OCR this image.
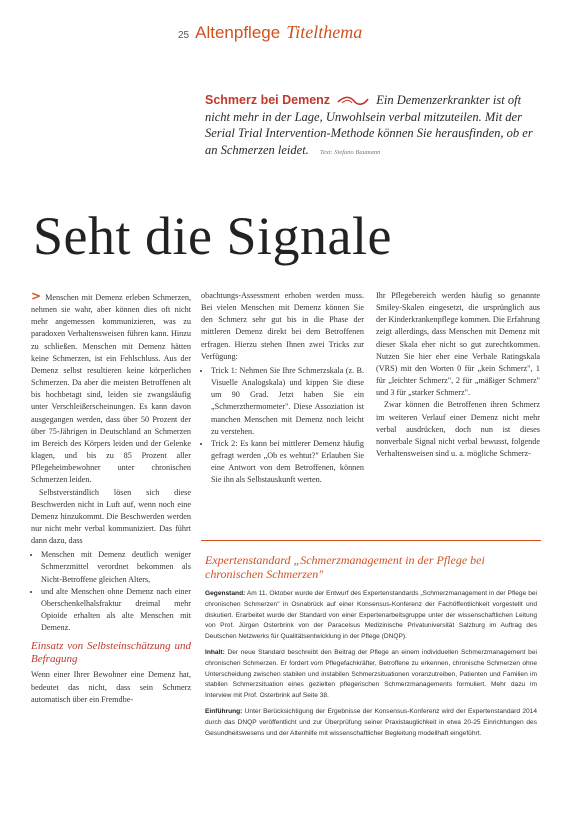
25 Altenpflege Titelthema
Schmerz bei Demenz	Ein Demenzerkrankter ist oft nicht mehr in der Lage, Unwohlsein verbal mitzuteilen. Mit der Serial Trial Intervention-Methode können Sie herausfinden, ob er an Schmerzen leidet. Text: Stefano Baumann
Seht die Signale

> Menschen mit Demenz erleben Schmerzen, nehmen sie wahr, aber können dies oft nicht mehr angemessen kommunizieren, was zu paradoxen Verhaltensweisen führen kann. Hinzu zu schließen. Menschen mit Demenz hätten keine Schmerzen, ist ein Fehlschluss. Aus der Demenz selbst resultieren keine körperlichen Schmerzen. Da aber die meisten Betroffenen alt bis hochbetagt sind, leiden sie zwangsläufig unter Verschleißerscheinungen. Es kann davon ausgegangen werden, dass über 50 Prozent der über 75-Jährigen in Deutschland an Schmerzen im Bereich des Körpers leiden und der Gelenke klagen, und bis zu 85 Prozent aller Pflegeheimbewohner unter chronischen Schmerzen leiden.

Selbstverständlich lösen sich diese Beschwerden nicht in Luft auf, wenn noch eine Demenz hinzukommt. Die Beschwerden werden nur nicht mehr verbal kommuniziert. Das führt dann dazu, dass

• Menschen mit Demenz deutlich weniger Schmerzmittel verordnet bekommen als Nicht-Betroffene gleichen Alters,
• und alte Menschen ohne Demenz nach einer Oberschenkelhalsfraktur dreimal mehr Opioide erhalten als alte Menschen mit Demenz.
Einsatz von Selbsteinschätzung und Befragung

Wenn einer Ihrer Bewohner eine Demenz hat, bedeutet das nicht, dass sein Schmerz automatisch über ein Fremdbe-

obachtungs-Assessment erhoben werden muss. Bei vielen Menschen mit Demenz können Sie den Schmerz sehr gut bis in die Phase der mittleren Demenz direkt bei dem Betroffenen erfragen. Hierzu stehen Ihnen zwei Tricks zur Verfügung:

• Trick 1: Nehmen Sie Ihre Schmerzskala (z. B. Visuelle Analogskala) und kippen Sie diese um 90 Grad. Jetzt haben Sie ein „Schmerzthermometer". Diese Assoziation ist manchen Menschen mit Demenz noch leicht zu verstehen.
• Trick 2: Es kann bei mittlerer Demenz häufig gefragt werden „Ob es wehtut?" Erlauben Sie eine Antwort von dem Betroffenen, können Sie ihn als Selbstauskunft werten.

Ihr Pflegebereich werden häufig so genannte Smiley-Skalen eingesetzt, die ursprünglich aus der Kinderkrankenpflege kommen. Die Erfahrung zeigt allerdings, dass Menschen mit Demenz mit dieser Skala eher nicht so gut zurechtkommen. Nutzen Sie hier eher eine Verbale Ratingskala (VRS) mit den Worten 0 für „kein Schmerz", 1 für „leichter Schmerz", 2 für „mäßiger Schmerz" und 3 für „starker Schmerz".

Zwar können die Betroffenen ihren Schmerz im weiteren Verlauf einer Demenz nicht mehr verbal ausdrücken, doch nun ist dieses nonverbale Signal nicht verbal bewusst, folgende Verhaltensweisen sind u. a. mögliche Schmerz-

Expertenstandard „Schmerzmanagement in der Pflege bei chronischen Schmerzen"

Gegenstand: Am 11. Oktober wurde der Entwurf des Expertenstandards „Schmerzmanagement in der Pflege bei chronischen Schmerzen" in Osnabrück auf einer Konsensus-Konferenz der Fachöffentlichkeit vorgestellt und diskutiert. Erarbeitet wurde der Standard von einer Expertenarbeitsgruppe unter der wissenschaftlichen Leitung von Prof. Jürgen Osterbrink von der Paracelsus Medizinische Privatuniversität Salzburg im Auftrag des Deutschen Netzwerks für Qualitätsentwicklung in der Pflege (DNQP).

Inhalt: Der neue Standard beschreibt den Beitrag der Pflege an einem individuellen Schmerzmanagement bei chronischen Schmerzen. Er fordert vom Pflegefachkräfter, Betroffene zu erkennen, chronische Schmerzen ohne Unterscheidung zwischen stabilen und instabilen Schmerzsituationen voranzutreiben, Patienten und Familien im stabilen Schmerzsituation eines gezielten pflegerischen Schmerzmanagements formuliert. Mehr dazu im Interview mit Prof. Osterbrink auf Seite 38.

Einführung: Unter Berücksichtigung der Ergebnisse der Konsensus-Konferenz wird der Expertenstandard 2014 durch das DNQP veröffentlicht und zur Überprüfung seiner Praxistauglichkeit in etwa 20-25 Einrichtungen des Gesundheitswesens und der Altenhilfe mit wissenschaftlicher Begleitung modellhaft eingeführt.
